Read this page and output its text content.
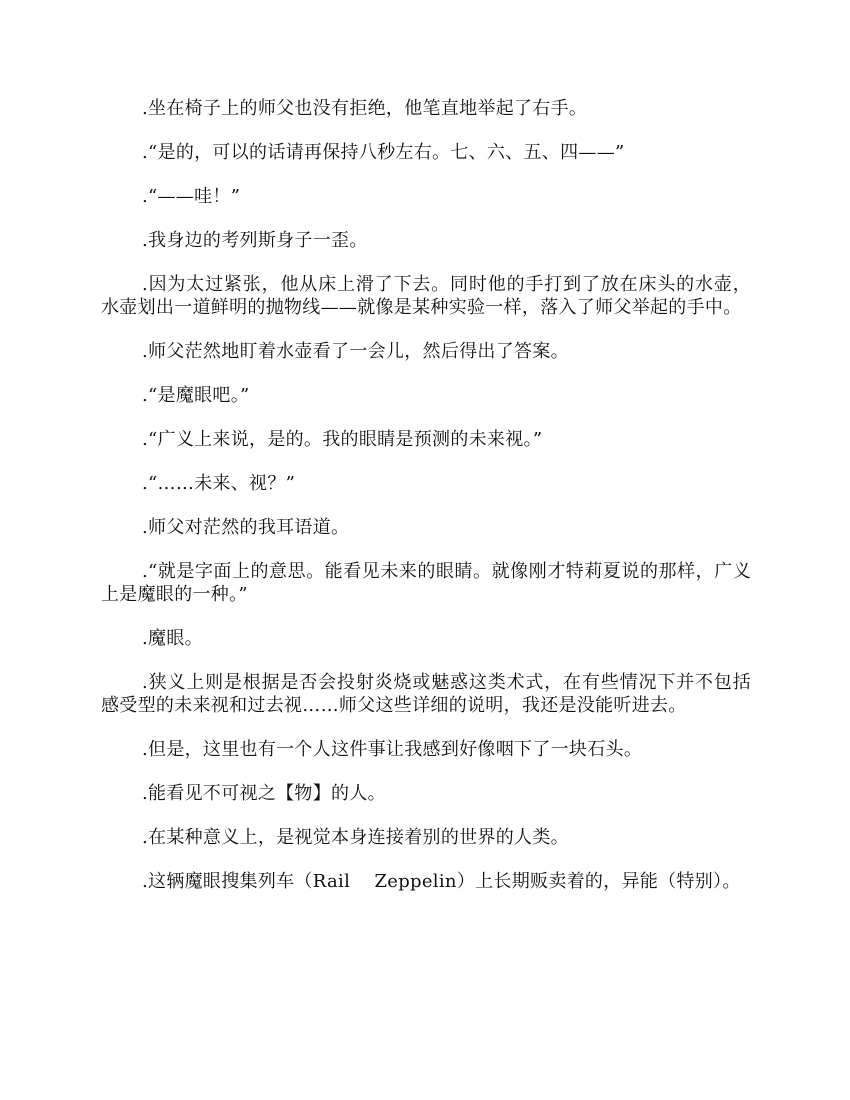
.坐在椅子上的师父也没有拒绝，他笔直地举起了右手。

.“是的，可以的话请再保持八秒左右。七、六、五、四——”

.“——哇！”

.我身边的考列斯身子一歪。

.因为太过紧张，他从床上滑了下去。同时他的手打到了放在床头的水壶，水壶划出一道鲜明的抛物线——就像是某种实验一样，落入了师父举起的手中。

.师父茫然地盯着水壶看了一会儿，然后得出了答案。

.“是魔眼吧。”

.“广义上来说，是的。我的眼睛是预测的未来视。”

.“……未来、视？”

.师父对茫然的我耳语道。

.“就是字面上的意思。能看见未来的眼睛。就像刚才特莉夏说的那样，广义上是魔眼的一种。”

.魔眼。

.狭义上则是根据是否会投射炎烧或魅惑这类术式，在有些情况下并不包括感受型的未来视和过去视……师父这些详细的说明，我还是没能听进去。

.但是，这里也有一个人这件事让我感到好像咽下了一块石头。

.能看见不可视之【物】的人。

.在某种意义上，是视觉本身连接着别的世界的人类。

.这辆魔眼搜集列车（Rail　 Zeppelin）上长期贩卖着的，异能（特别）。
